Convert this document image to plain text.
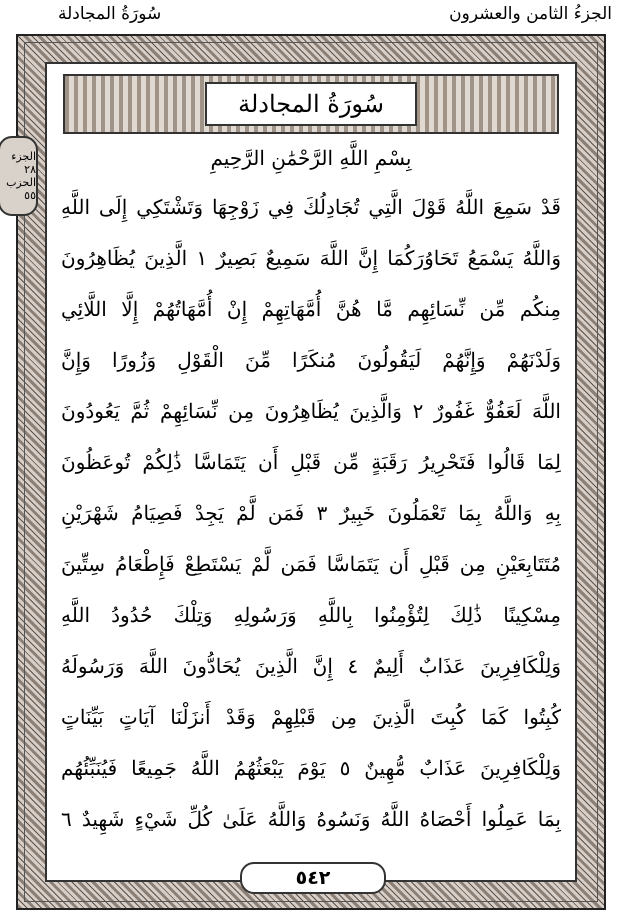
الجزءُ الثامن والعشرون
سُورَةُ المجادلة
سُورَةُ المجادلة
بِسْمِ اللَّهِ الرَّحْمَٰنِ الرَّحِيمِ
قَدْ سَمِعَ اللَّهُ قَوْلَ الَّتِي تُجَادِلُكَ فِي زَوْجِهَا وَتَشْتَكِي إِلَى اللَّهِ
وَاللَّهُ يَسْمَعُ تَحَاوُرَكُمَا إِنَّ اللَّهَ سَمِيعٌ بَصِيرٌ ١ الَّذِينَ يُظَاهِرُونَ
مِنكُم مِّن نِّسَائِهِم مَّا هُنَّ أُمَّهَاتِهِمْ إِنْ أُمَّهَاتُهُمْ إِلَّا اللَّائِي
وَلَدْنَهُمْ وَإِنَّهُمْ لَيَقُولُونَ مُنكَرًا مِّنَ الْقَوْلِ وَزُورًا وَإِنَّ
اللَّهَ لَعَفُوٌّ غَفُورٌ ٢ وَالَّذِينَ يُظَاهِرُونَ مِن نِّسَائِهِمْ ثُمَّ يَعُودُونَ
لِمَا قَالُوا فَتَحْرِيرُ رَقَبَةٍ مِّن قَبْلِ أَن يَتَمَاسَّا ذَٰلِكُمْ تُوعَظُونَ
بِهِ وَاللَّهُ بِمَا تَعْمَلُونَ خَبِيرٌ ٣ فَمَن لَّمْ يَجِدْ فَصِيَامُ شَهْرَيْنِ
مُتَتَابِعَيْنِ مِن قَبْلِ أَن يَتَمَاسَّا فَمَن لَّمْ يَسْتَطِعْ فَإِطْعَامُ سِتِّينَ
مِسْكِينًا ذَٰلِكَ لِتُؤْمِنُوا بِاللَّهِ وَرَسُولِهِ وَتِلْكَ حُدُودُ اللَّهِ
وَلِلْكَافِرِينَ عَذَابٌ أَلِيمٌ ٤ إِنَّ الَّذِينَ يُحَادُّونَ اللَّهَ وَرَسُولَهُ
كُبِتُوا كَمَا كُبِتَ الَّذِينَ مِن قَبْلِهِمْ وَقَدْ أَنزَلْنَا آيَاتٍ بَيِّنَاتٍ
وَلِلْكَافِرِينَ عَذَابٌ مُّهِينٌ ٥ يَوْمَ يَبْعَثُهُمُ اللَّهُ جَمِيعًا فَيُنَبِّئُهُم
بِمَا عَمِلُوا أَحْصَاهُ اللَّهُ وَنَسُوهُ وَاللَّهُ عَلَىٰ كُلِّ شَيْءٍ شَهِيدٌ ٦
الجزء ٢٨
الحزب ٥٥
٥٤٢
